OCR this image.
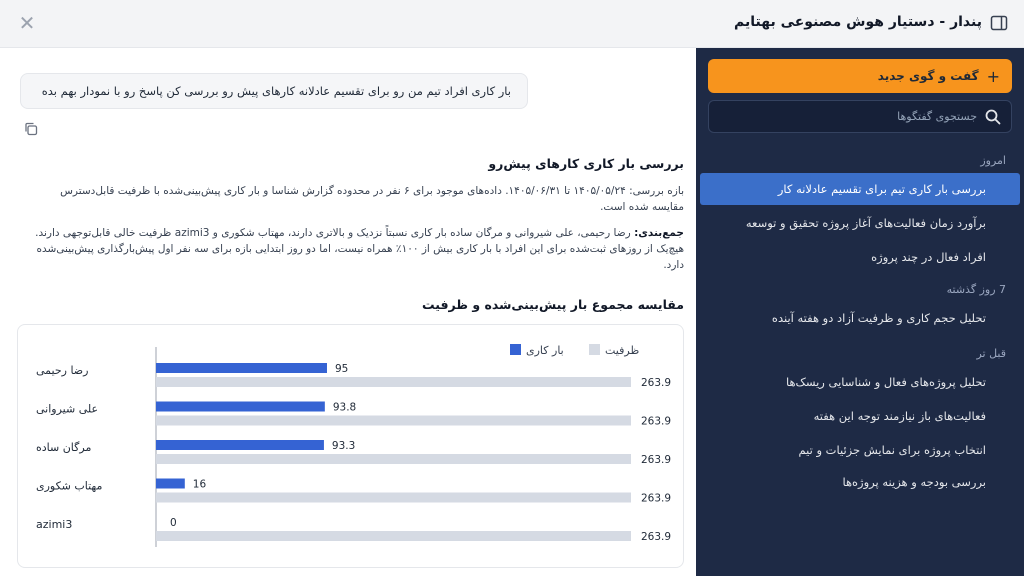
پندار - دستیار هوش مصنوعی بهتایم
✕
+
گفت و گوی جدید
جستجوی گفتگوها
امروز
بررسی بار کاری تیم برای تقسیم عادلانه کار
برآورد زمان فعالیت‌های آغاز پروژه تحقیق و توسعه
افراد فعال در چند پروژه
7 روز گذشته
تحلیل حجم کاری و ظرفیت آزاد دو هفته آینده
قبل تر
تحلیل پروژه‌های فعال و شناسایی ریسک‌ها
فعالیت‌های باز نیازمند توجه این هفته
انتخاب پروژه برای نمایش جزئیات و تیم
بررسی بودجه و هزینه پروژه‌ها
بار کاری افراد تیم من رو برای تقسیم عادلانه کارهای پیش رو بررسی کن پاسخ رو با نمودار بهم بده
بررسی بار کاری کارهای پیش‌رو
بازه بررسی: ۱۴۰۵/۰۵/۲۴ تا ۱۴۰۵/۰۶/۳۱. داده‌های موجود برای ۶ نفر در محدوده گزارش شناسا و بار کاری پیش‌بینی‌شده با ظرفیت قابل‌دسترس مقایسه شده است.
جمع‌بندی: رضا رحیمی، علی شیروانی و مرگان ساده بار کاری نسبتاً نزدیک و بالاتری دارند، مهتاب شکوری و azimi3 ظرفیت خالی قابل‌توجهی دارند. هیچ‌یک از روزهای ثبت‌شده برای این افراد با بار کاری بیش از ۱۰۰٪ همراه نیست، اما دو روز ابتدایی بازه برای سه نفر اول پیش‌بارگذاری پیش‌بینی‌شده دارد.
مقایسه مجموع بار پیش‌بینی‌شده و ظرفیت
بار کاری	ظرفیت
رضا رحیمی	95
263.9
علی شیروانی	93.8
263.9
مرگان ساده	93.3
263.9
مهتاب شکوری	16
263.9
azimi3	0
263.9
